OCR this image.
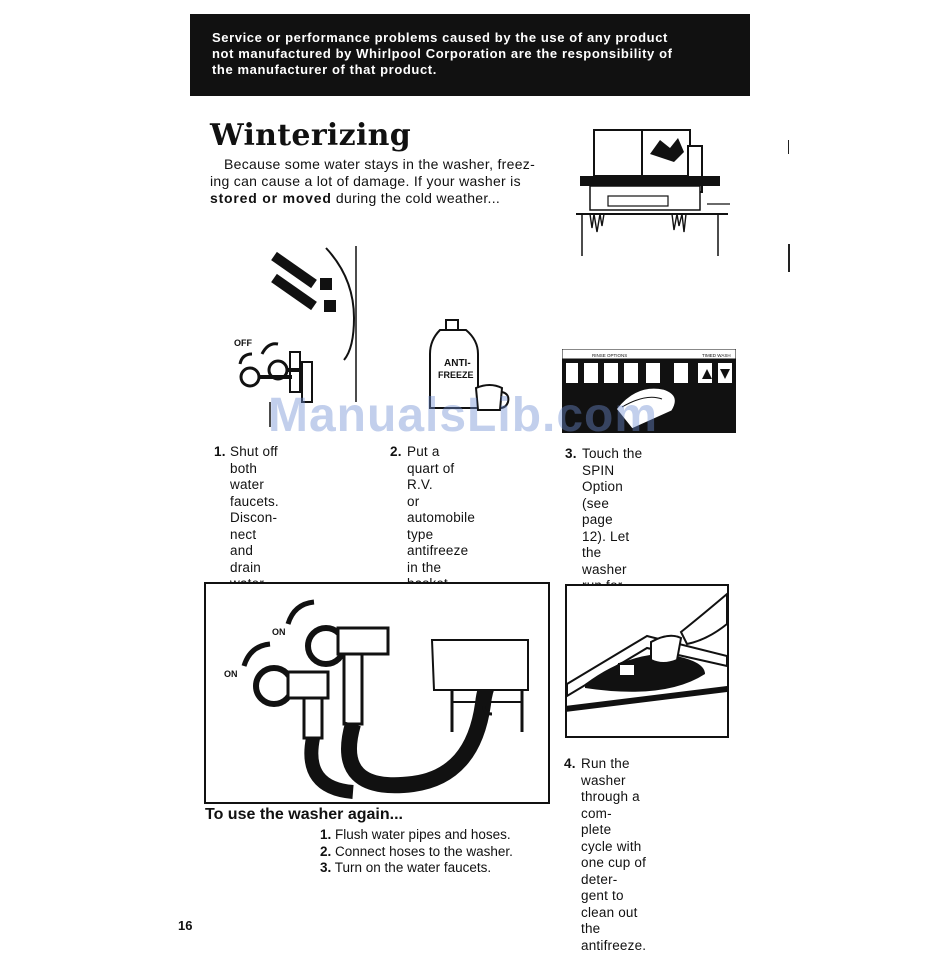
Service or performance problems caused by the use of any product
not manufactured by Whirlpool Corporation are the responsibility of
the manufacturer of that product.
Winterizing
Because some water stays in the washer, freez-
ing can cause a lot of damage. If your washer is stored or moved during the cold weather...
OFF
ANTI-
FREEZE
RINSE OPTIONS	TIMED WASH
ManualsLib.com
1. Shut off both water
faucets. Discon-
nect and drain
2. Put a quart of R.V.
or automobile type
antifreeze in the
3. Touch the SPIN
Option (see page
12). Let the washer
ON
ON
4. Run the washer
through a com-
plete cycle with
one cup of deter-
gent to clean out
the antifreeze.
To use the washer again...
1. Flush water pipes and hoses.
2. Connect hoses to the washer.
3. Turn on the water faucets.
16
